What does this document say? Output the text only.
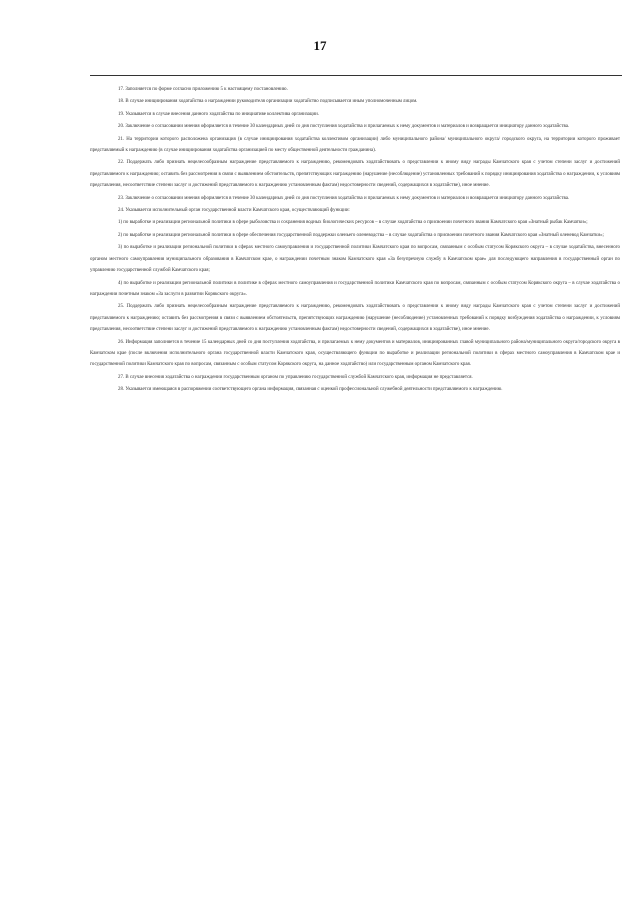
17

17. Заполняется по форме согласно приложению 5 к настоящему постановлению.

18. В случае инициирования ходатайства о награждении руководителя организации ходатайство подписывается иным уполномоченным лицом.

19. Указывается в случае внесения данного ходатайства по инициативе коллектива организации.

20. Заключение о согласовании мнения оформляется в течение 30 календарных дней со дня поступления ходатайства и прилагаемых к нему документов и материалов и возвращается инициатору данного ходатайства.

21. На территории которого расположена организация (в случае инициирования ходатайства коллективом организации) либо муниципального района/ муниципального округа/ городского округа, на территории которого проживает представляемый к награждению (в случае инициирования ходатайства организацией по месту общественной деятельности гражданина).

22. Поддержать либо признать нецелесообразным награждение представляемого к награждению, рекомендовать ходатайствовать о представлении к иному виду награды Камчатского края с учетом степени заслуг и достижений представляемого к награждению; оставить без рассмотрения в связи с выявлением обстоятельств, препятствующих награждению (нарушение (несоблюдение) установленных требований к порядку инициирования ходатайства о награждении, к условиям представления, несоответствие степени заслуг и достижений представляемого к награждению установленным фактам) недостоверности сведений, содержащихся в ходатайстве), иное мнение.

23. Заключение о согласовании мнения оформляется в течение 30 календарных дней со дня поступления ходатайства и прилагаемых к нему документов и материалов и возвращается инициатору данного ходатайства.

24. Указывается исполнительный орган государственной власти Камчатского края, осуществляющий функции:

1) по выработке и реализации региональной политики в сфере рыболовства и сохранения водных биологических ресурсов – в случае ходатайства о присвоении почетного звания Камчатского края «Знатный рыбак Камчатки»;

2) по выработке и реализации региональной политики в сфере обеспечения государственной поддержки оленьего оленеводства – в случае ходатайства о присвоении почетного звания Камчатского края «Знатный оленевод Камчатки»;

3) по выработке и реализации региональной политики в сферах местного самоуправления и государственной политики Камчатского края по вопросам, связанным с особым статусом Корякского округа – в случае ходатайства, внесенного органом местного самоуправления муниципального образования в Камчатском крае, о награждении почетным знаком Камчатского края «За безупречную службу в Камчатском крае» для последующего направления в государственный орган по управлению государственной службой Камчатского края;

4) по выработке и реализации региональной политики в политике в сферах местного самоуправления и государственной политики Камчатского края по вопросам, связанным с особым статусом Корякского округа – в случае ходатайства о награждении почетным знаком «За заслуги в развитии Корякского округа».

25. Поддержать либо признать нецелесообразным награждение представляемого к награждению, рекомендовать ходатайствовать о представлении к иному виду награды Камчатского края с учетом степени заслуг и достижений представляемого к награждению; оставить без рассмотрения в связи с выявлением обстоятельств, препятствующих награждению (нарушение (несоблюдение) установленных требований к порядку возбуждения ходатайства о награждении, к условиям представления, несоответствие степени заслуг и достижений представляемого к награждению установленным фактам) недостоверности сведений, содержащихся в ходатайстве), иное мнение.

26. Информация заполняется в течение 15 календарных дней со дня поступления ходатайства, и прилагаемых к нему документов и материалов, инициированных главой муниципального района/муниципального округа/городского округа в Камчатском крае (после включения исполнительного органа государственной власти Камчатского края, осуществляющего функции по выработке и реализации региональной политики в сферах местного самоуправления в Камчатском крае и государственной политики Камчатского края по вопросам, связанным с особым статусом Корякского округа, на данное ходатайство) или государственным органом Камчатского края.

27. В случае внесения ходатайства о награждении государственным органом по управлению государственной службой Камчатского края, информация не представляется.

28. Указывается имеющаяся в распоряжении соответствующего органа информация, связанная с оценкой профессиональной служебной деятельности представляемого к награждению.
